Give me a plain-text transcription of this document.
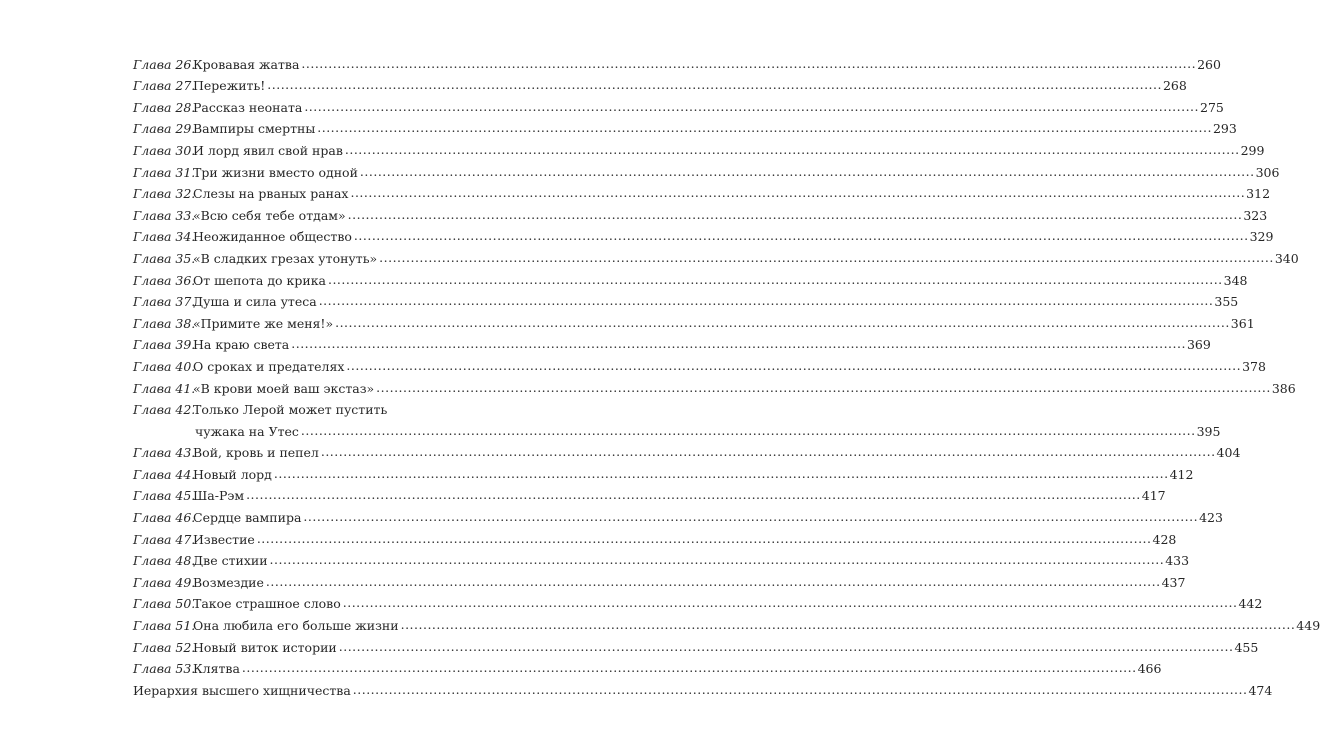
Глава 26.
Кровавая жатва ........................................................................................................................................................................................................ 260
Глава 27.
Пережить! ........................................................................................................................................................................................................ 268
Глава 28.
Рассказ неоната ........................................................................................................................................................................................................ 275
Глава 29.
Вампиры смертны ........................................................................................................................................................................................................ 293
Глава 30.
И лорд явил свой нрав ........................................................................................................................................................................................................ 299
Глава 31.
Три жизни вместо одной ........................................................................................................................................................................................................ 306
Глава 32.
Слезы на рваных ранах ........................................................................................................................................................................................................ 312
Глава 33.
«Всю себя тебе отдам» ........................................................................................................................................................................................................ 323
Глава 34.
Неожиданное общество ........................................................................................................................................................................................................ 329
Глава 35.
«В сладких грезах утонуть» ........................................................................................................................................................................................................ 340
Глава 36.
От шепота до крика ........................................................................................................................................................................................................ 348
Глава 37.
Душа и сила утеса ........................................................................................................................................................................................................ 355
Глава 38.
«Примите же меня!» ........................................................................................................................................................................................................ 361
Глава 39.
На краю света ........................................................................................................................................................................................................ 369
Глава 40.
О сроках и предателях ........................................................................................................................................................................................................ 378
Глава 41.
«В крови моей ваш экстаз» ........................................................................................................................................................................................................ 386
Глава 42.
Только Лерой может пустить
чужака на Утес ........................................................................................................................................................................................................ 395
Глава 43.
Вой, кровь и пепел ........................................................................................................................................................................................................ 404
Глава 44.
Новый лорд ........................................................................................................................................................................................................ 412
Глава 45.
Ша-Рэм ........................................................................................................................................................................................................ 417
Глава 46.
Сердце вампира ........................................................................................................................................................................................................ 423
Глава 47.
Известие ........................................................................................................................................................................................................ 428
Глава 48.
Две стихии ........................................................................................................................................................................................................ 433
Глава 49.
Возмездие ........................................................................................................................................................................................................ 437
Глава 50.
Такое страшное слово ........................................................................................................................................................................................................ 442
Глава 51.
Она любила его больше жизни ........................................................................................................................................................................................................ 449
Глава 52.
Новый виток истории ........................................................................................................................................................................................................ 455
Глава 53.
Клятва ........................................................................................................................................................................................................ 466
Иерархия высшего хищничества ........................................................................................................................................................................................................ 474
